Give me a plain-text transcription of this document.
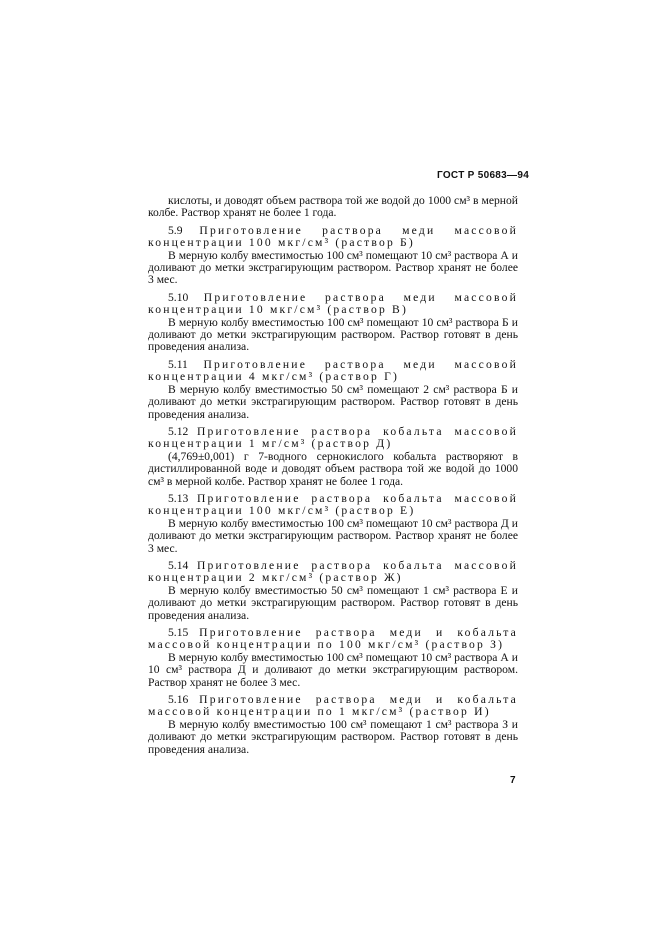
ГОСТ Р 50683—94

кислоты, и доводят объем раствора той же водой до 1000 см³ в мерной колбе. Раствор хранят не более 1 года.

5.9 Приготовление раствора меди массовой концентрации 100 мкг/см³ (раствор Б)

В мерную колбу вместимостью 100 см³ помещают 10 см³ раствора А и доливают до метки экстрагирующим раствором. Раствор хранят не более 3 мес.

5.10 Приготовление раствора меди массовой концентрации 10 мкг/см³ (раствор В)

В мерную колбу вместимостью 100 см³ помещают 10 см³ раствора Б и доливают до метки экстрагирующим раствором. Раствор готовят в день проведения анализа.

5.11 Приготовление раствора меди массовой концентрации 4 мкг/см³ (раствор Г)

В мерную колбу вместимостью 50 см³ помещают 2 см³ раствора Б и доливают до метки экстрагирующим раствором. Раствор готовят в день проведения анализа.

5.12 Приготовление раствора кобальта массовой концентрации 1 мг/см³ (раствор Д)

(4,769±0,001) г 7-водного сернокислого кобальта растворяют в дистиллированной воде и доводят объем раствора той же водой до 1000 см³ в мерной колбе. Раствор хранят не более 1 года.

5.13 Приготовление раствора кобальта массовой концентрации 100 мкг/см³ (раствор Е)

В мерную колбу вместимостью 100 см³ помещают 10 см³ раствора Д и доливают до метки экстрагирующим раствором. Раствор хранят не более 3 мес.

5.14 Приготовление раствора кобальта массовой концентрации 2 мкг/см³ (раствор Ж)

В мерную колбу вместимостью 50 см³ помещают 1 см³ раствора Е и доливают до метки экстрагирующим раствором. Раствор готовят в день проведения анализа.

5.15 Приготовление раствора меди и кобальта массовой концентрации по 100 мкг/см³ (раствор З)

В мерную колбу вместимостью 100 см³ помещают 10 см³ раствора А и 10 см³ раствора Д и доливают до метки экстрагирующим раствором. Раствор хранят не более 3 мес.

5.16 Приготовление раствора меди и кобальта массовой концентрации по 1 мкг/см³ (раствор И)

В мерную колбу вместимостью 100 см³ помещают 1 см³ раствора З и доливают до метки экстрагирующим раствором. Раствор готовят в день проведения анализа.

7
